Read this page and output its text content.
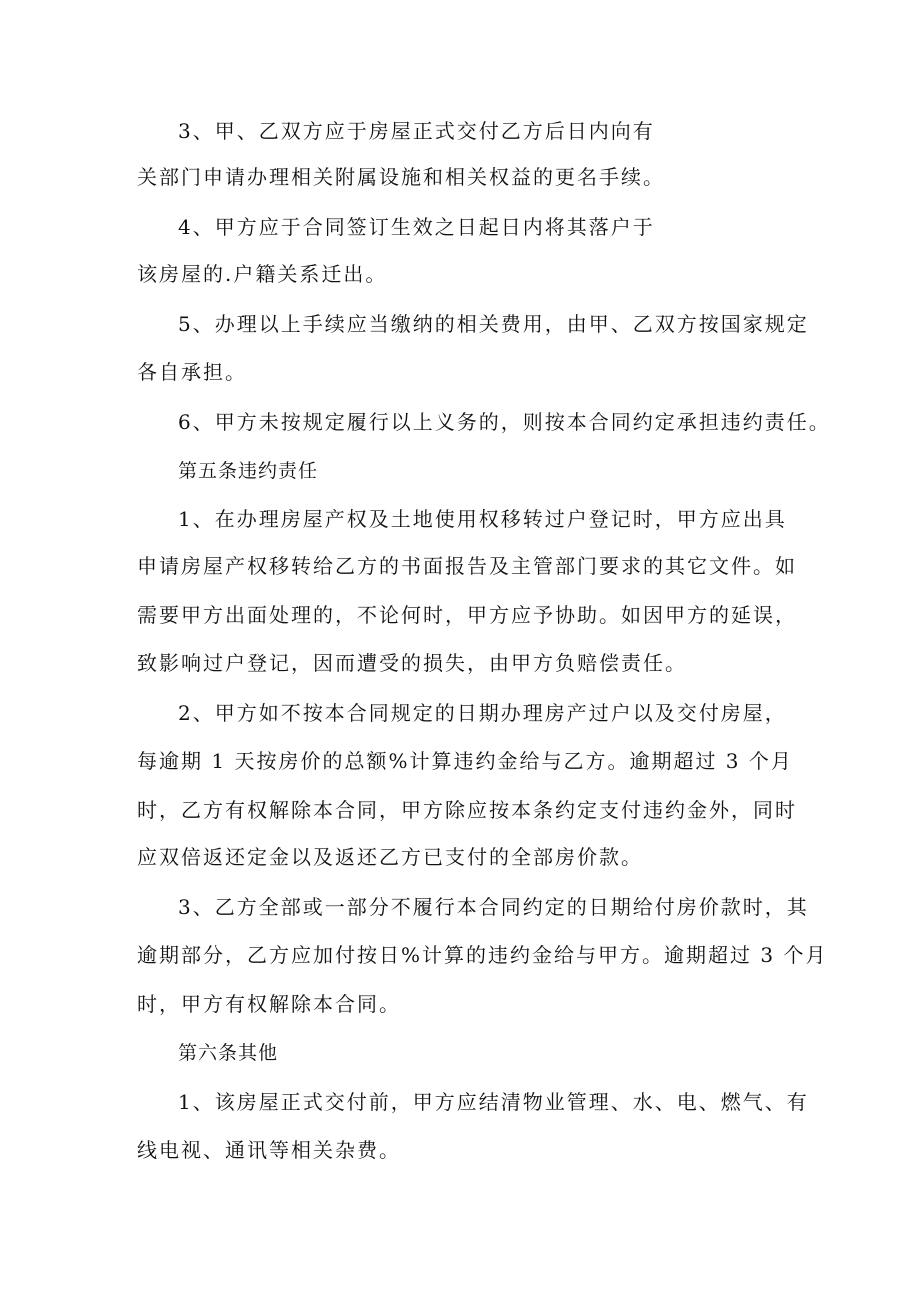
3、甲、乙双方应于房屋正式交付乙方后日内向有
关部门申请办理相关附属设施和相关权益的更名手续。
4、甲方应于合同签订生效之日起日内将其落户于
该房屋的.户籍关系迁出。
5、办理以上手续应当缴纳的相关费用，由甲、乙双方按国家规定
各自承担。
6、甲方未按规定履行以上义务的，则按本合同约定承担违约责任。
第五条违约责任
1、在办理房屋产权及土地使用权移转过户登记时，甲方应出具
申请房屋产权移转给乙方的书面报告及主管部门要求的其它文件。如
需要甲方出面处理的，不论何时，甲方应予协助。如因甲方的延误，
致影响过户登记，因而遭受的损失，由甲方负赔偿责任。
2、甲方如不按本合同规定的日期办理房产过户以及交付房屋，
每逾期 1 天按房价的总额%计算违约金给与乙方。逾期超过 3 个月
时，乙方有权解除本合同，甲方除应按本条约定支付违约金外，同时
应双倍返还定金以及返还乙方已支付的全部房价款。
3、乙方全部或一部分不履行本合同约定的日期给付房价款时，其
逾期部分，乙方应加付按日%计算的违约金给与甲方。逾期超过 3 个月
时，甲方有权解除本合同。
第六条其他
1、该房屋正式交付前，甲方应结清物业管理、水、电、燃气、有
线电视、通讯等相关杂费。
